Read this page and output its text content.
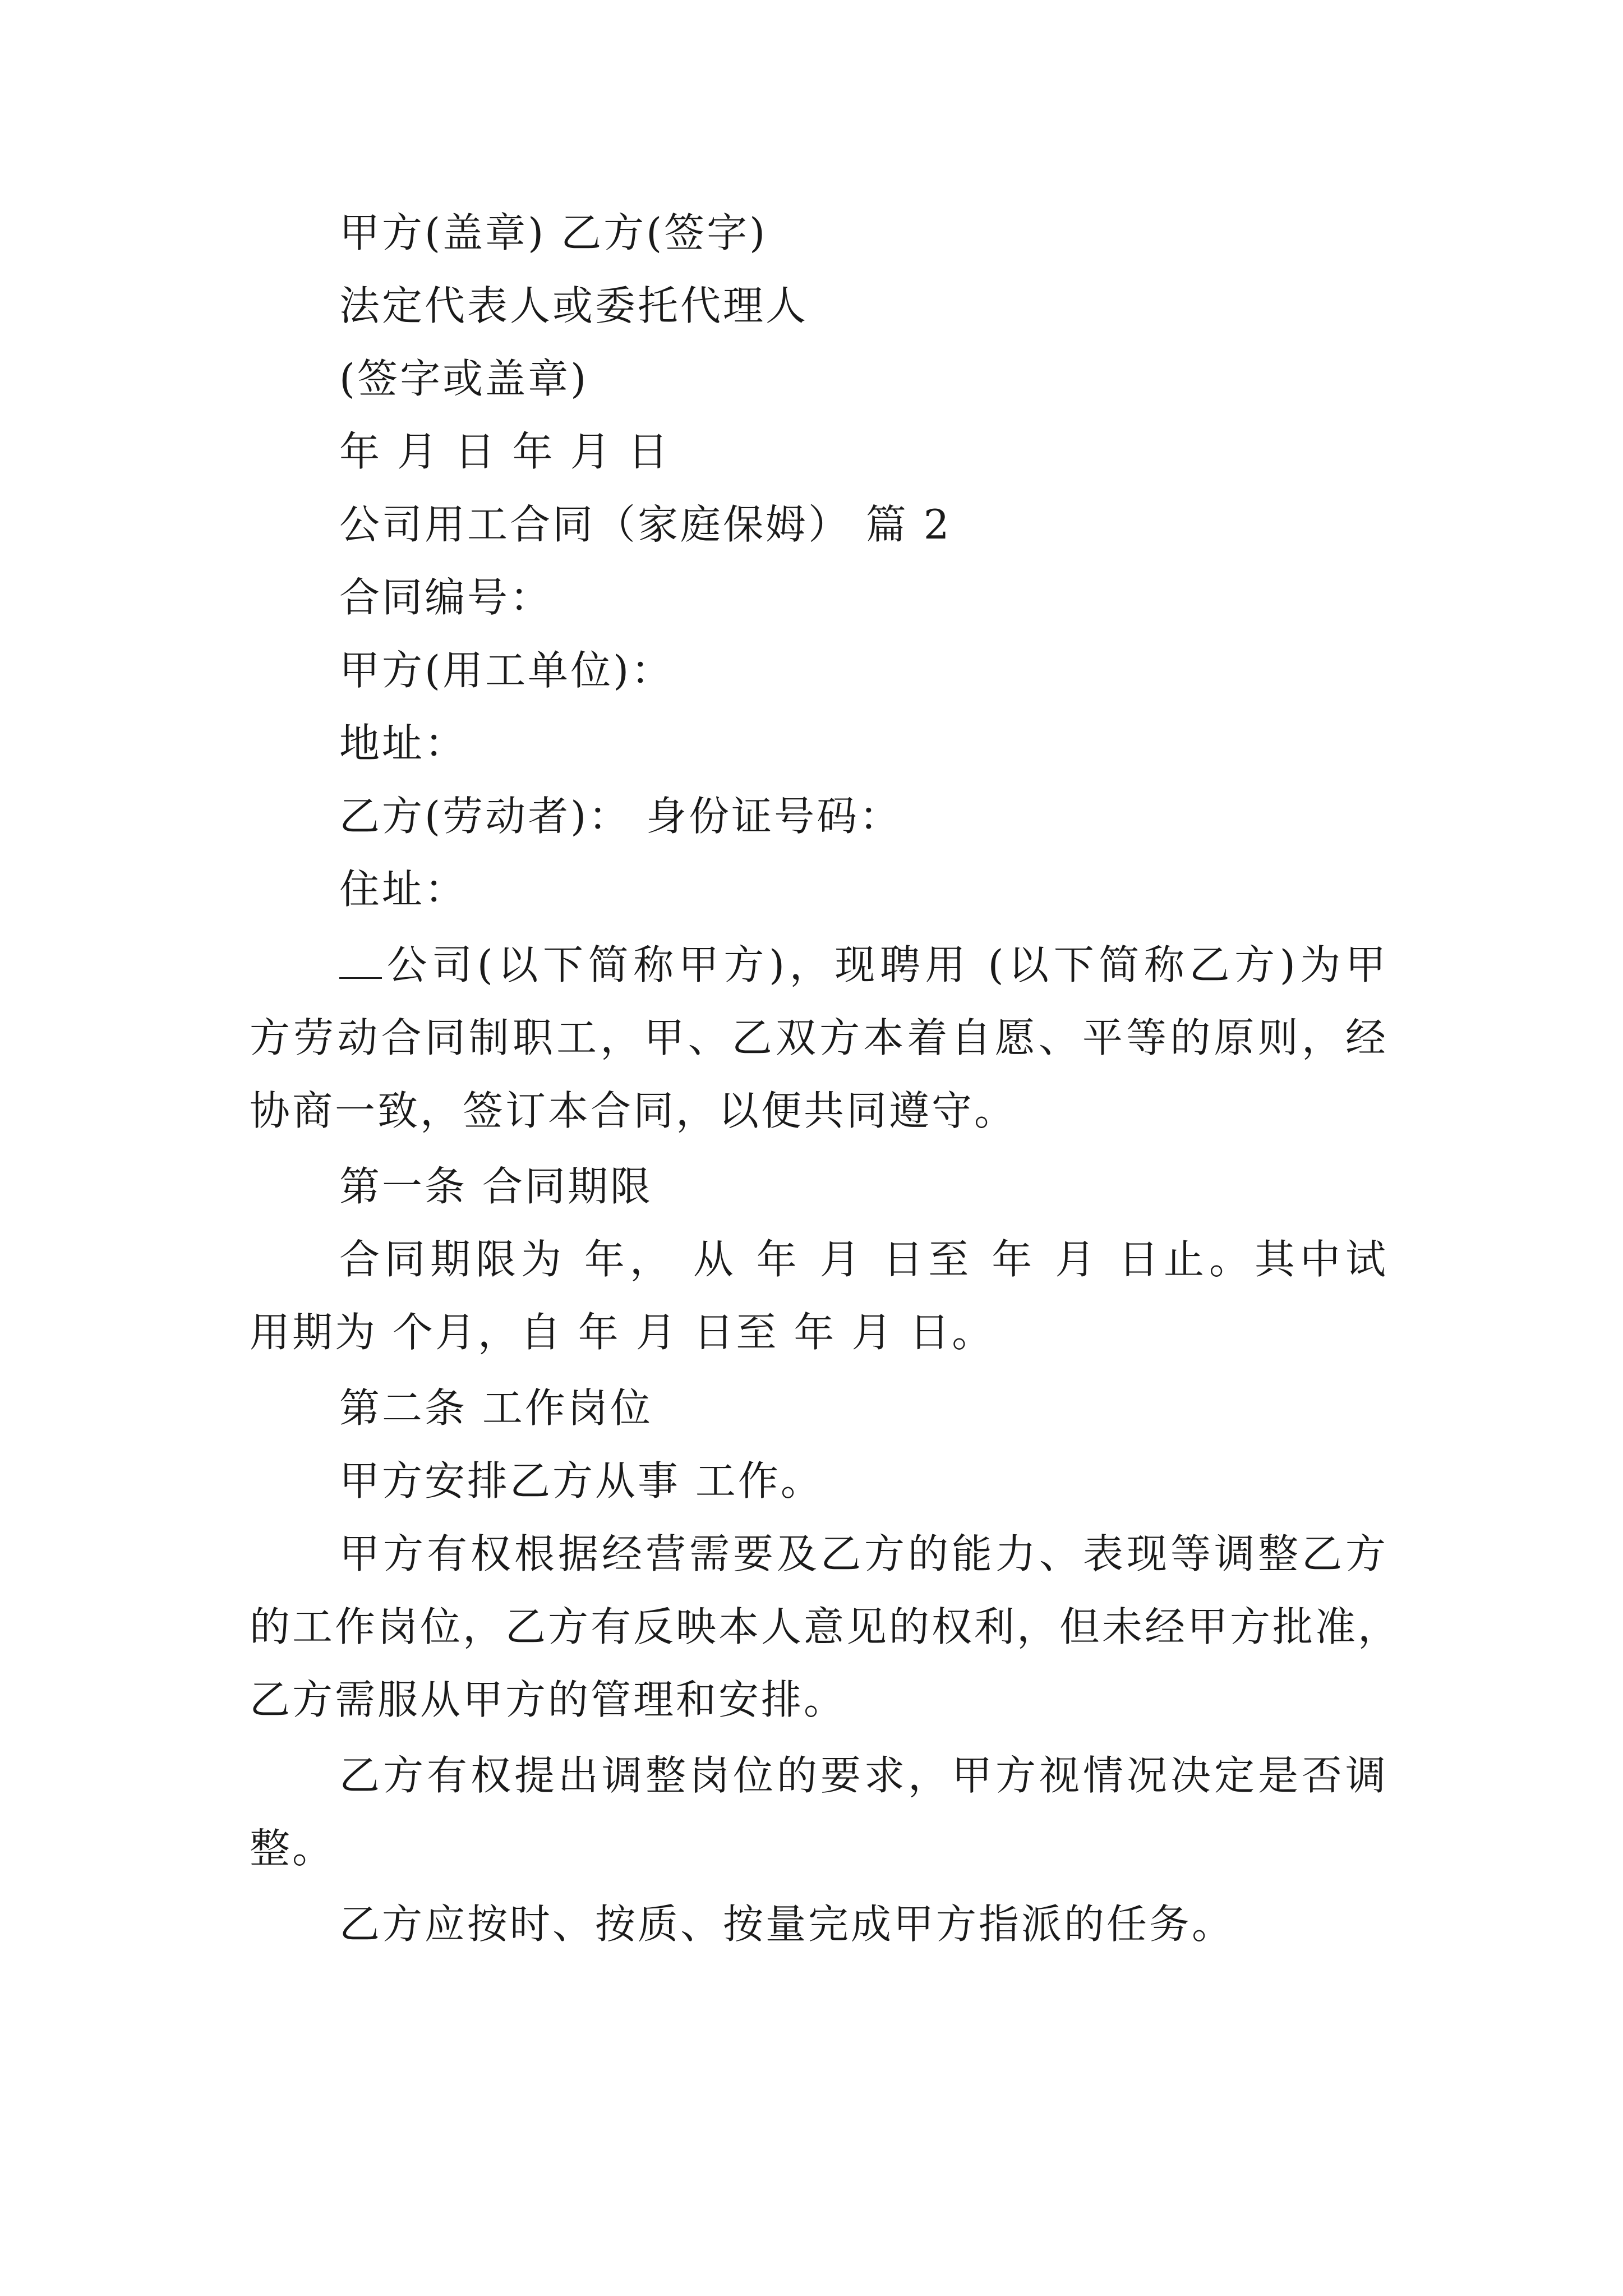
甲方(盖章) 乙方(签字)
法定代表人或委托代理人
(签字或盖章)
年 月 日 年 月 日
公司用工合同（家庭保姆） 篇 2
合同编号：
甲方(用工单位)：
地址：
乙方(劳动者)： 身份证号码：
住址：
公司(以下简称甲方)，现聘用 (以下简称乙方)为甲
方劳动合同制职工，甲、乙双方本着自愿、平等的原则，经
协商一致，签订本合同，以便共同遵守。
第一条 合同期限
合同期限为 年， 从 年 月 日至 年 月 日止。其中试
用期为 个月，自 年 月 日至 年 月 日。
第二条 工作岗位
甲方安排乙方从事 工作。
甲方有权根据经营需要及乙方的能力、表现等调整乙方
的工作岗位，乙方有反映本人意见的权利，但未经甲方批准，
乙方需服从甲方的管理和安排。
乙方有权提出调整岗位的要求，甲方视情况决定是否调
整。
乙方应按时、按质、按量完成甲方指派的任务。
